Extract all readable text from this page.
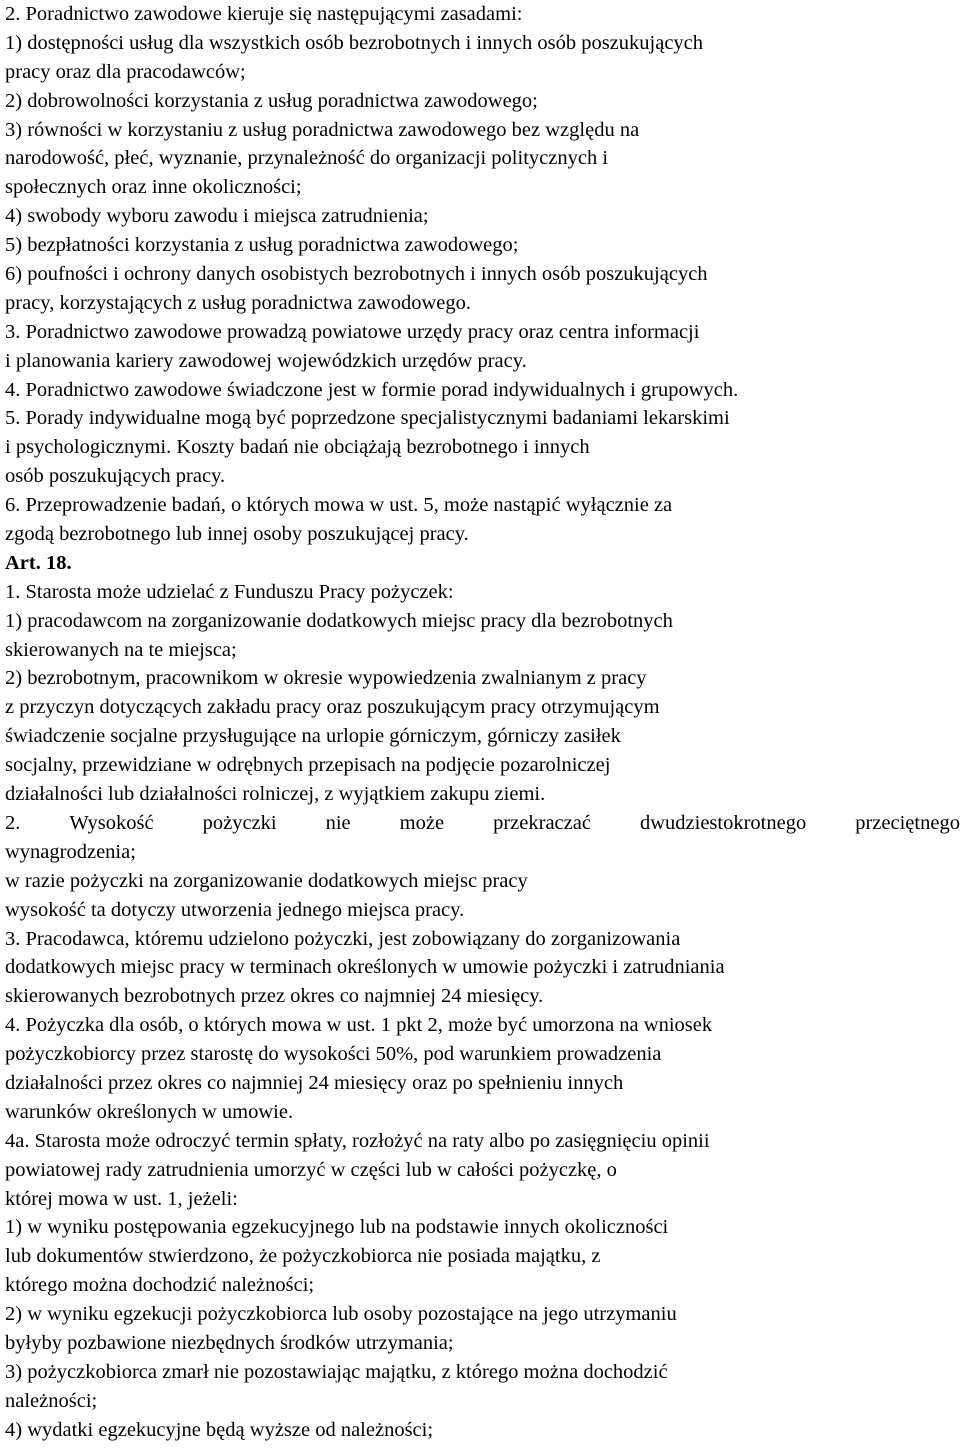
2. Poradnictwo zawodowe kieruje się następującymi zasadami:
1) dostępności usług dla wszystkich osób bezrobotnych i innych osób poszukujących
pracy oraz dla pracodawców;
2) dobrowolności korzystania z usług poradnictwa zawodowego;
3) równości w korzystaniu z usług poradnictwa zawodowego bez względu na
narodowość, płeć, wyznanie, przynależność do organizacji politycznych i
społecznych oraz inne okoliczności;
4) swobody wyboru zawodu i miejsca zatrudnienia;
5) bezpłatności korzystania z usług poradnictwa zawodowego;
6) poufności i ochrony danych osobistych bezrobotnych i innych osób poszukujących
pracy, korzystających z usług poradnictwa zawodowego.
3. Poradnictwo zawodowe prowadzą powiatowe urzędy pracy oraz centra informacji
i planowania kariery zawodowej wojewódzkich urzędów pracy.
4. Poradnictwo zawodowe świadczone jest w formie porad indywidualnych i grupowych.
5. Porady indywidualne mogą być poprzedzone specjalistycznymi badaniami lekarskimi
i psychologicznymi. Koszty badań nie obciążają bezrobotnego i innych
osób poszukujących pracy.
6. Przeprowadzenie badań, o których mowa w ust. 5, może nastąpić wyłącznie za
zgodą bezrobotnego lub innej osoby poszukującej pracy.
Art. 18.
1. Starosta może udzielać z Funduszu Pracy pożyczek:
1) pracodawcom na zorganizowanie dodatkowych miejsc pracy dla bezrobotnych
skierowanych na te miejsca;
2) bezrobotnym, pracownikom w okresie wypowiedzenia zwalnianym z pracy
z przyczyn dotyczących zakładu pracy oraz poszukującym pracy otrzymującym
świadczenie socjalne przysługujące na urlopie górniczym, górniczy zasiłek
socjalny, przewidziane w odrębnych przepisach na podjęcie pozarolniczej
działalności lub działalności rolniczej, z wyjątkiem zakupu ziemi.
2. Wysokość pożyczki nie może przekraczać dwudziestokrotnego przeciętnego
wynagrodzenia;
w razie pożyczki na zorganizowanie dodatkowych miejsc pracy
wysokość ta dotyczy utworzenia jednego miejsca pracy.
3. Pracodawca, któremu udzielono pożyczki, jest zobowiązany do zorganizowania
dodatkowych miejsc pracy w terminach określonych w umowie pożyczki i zatrudniania
skierowanych bezrobotnych przez okres co najmniej 24 miesięcy.
4. Pożyczka dla osób, o których mowa w ust. 1 pkt 2, może być umorzona na wniosek
pożyczkobiorcy przez starostę do wysokości 50%, pod warunkiem prowadzenia
działalności przez okres co najmniej 24 miesięcy oraz po spełnieniu innych
warunków określonych w umowie.
4a. Starosta może odroczyć termin spłaty, rozłożyć na raty albo po zasięgnięciu opinii
powiatowej rady zatrudnienia umorzyć w części lub w całości pożyczkę, o
której mowa w ust. 1, jeżeli:
1) w wyniku postępowania egzekucyjnego lub na podstawie innych okoliczności
lub dokumentów stwierdzono, że pożyczkobiorca nie posiada majątku, z
którego można dochodzić należności;
2) w wyniku egzekucji pożyczkobiorca lub osoby pozostające na jego utrzymaniu
byłyby pozbawione niezbędnych środków utrzymania;
3) pożyczkobiorca zmarł nie pozostawiając majątku, z którego można dochodzić
należności;
4) wydatki egzekucyjne będą wyższe od należności;
